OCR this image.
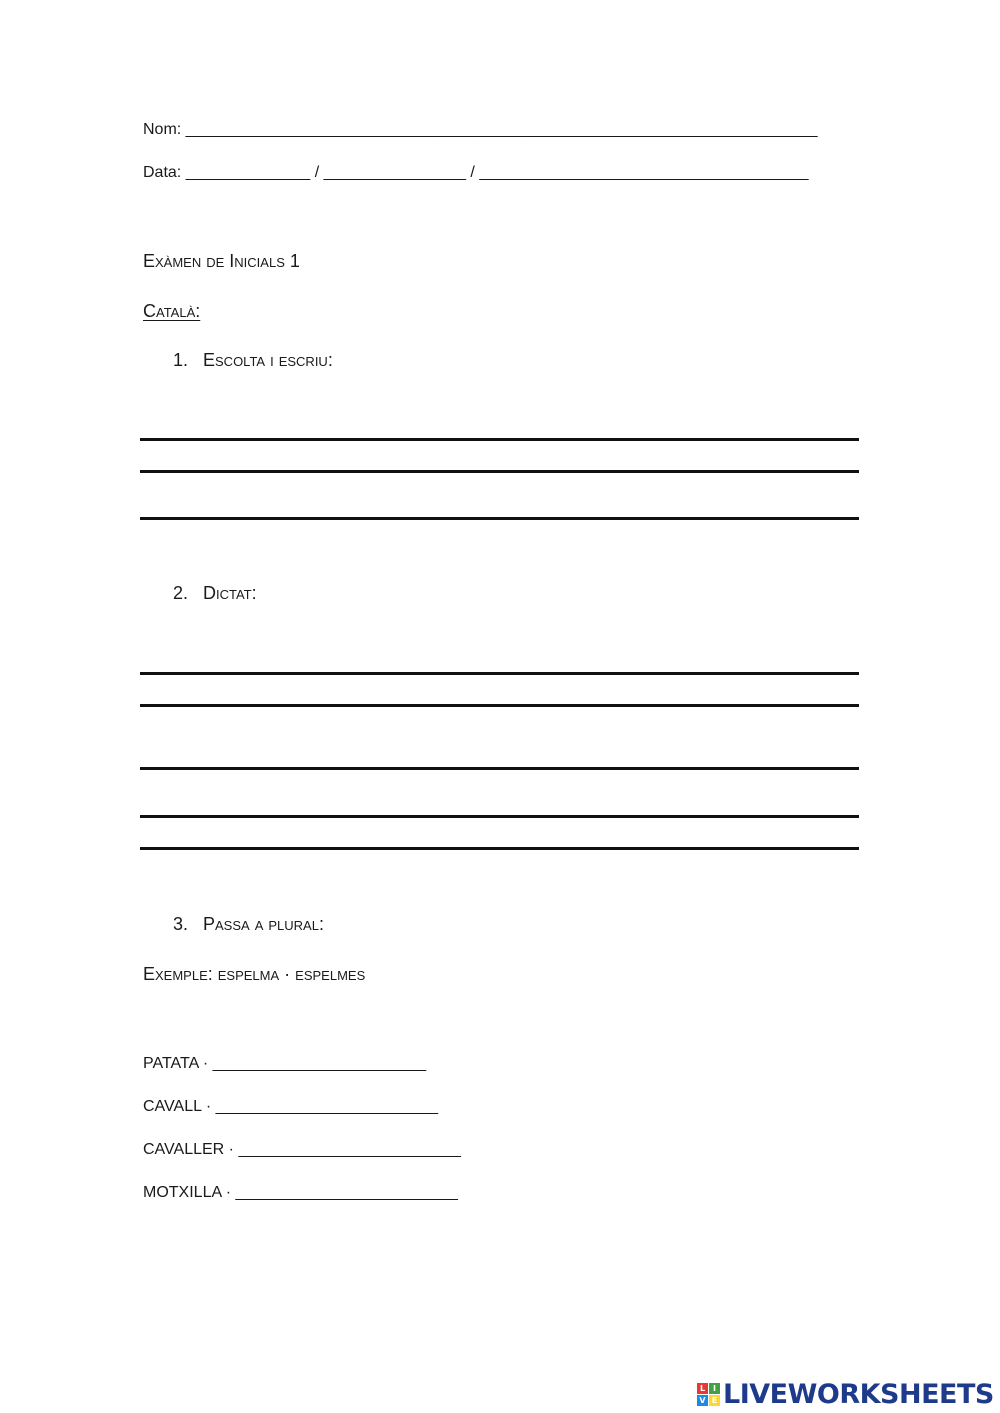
Nom: _______________________________________________________________________
Data: ______________ / ________________ / _____________________________________
Exàmen de Inicials 1
Català:
1. Escolta i escriu:
2. Dictat:
3. Passa a plural:
Exemple: espelma · espelmes
PATATA · ________________________
CAVALL · _________________________
CAVALLER · _________________________
MOTXILLA · _________________________
L I
V E LIVEWORKSHEETS
